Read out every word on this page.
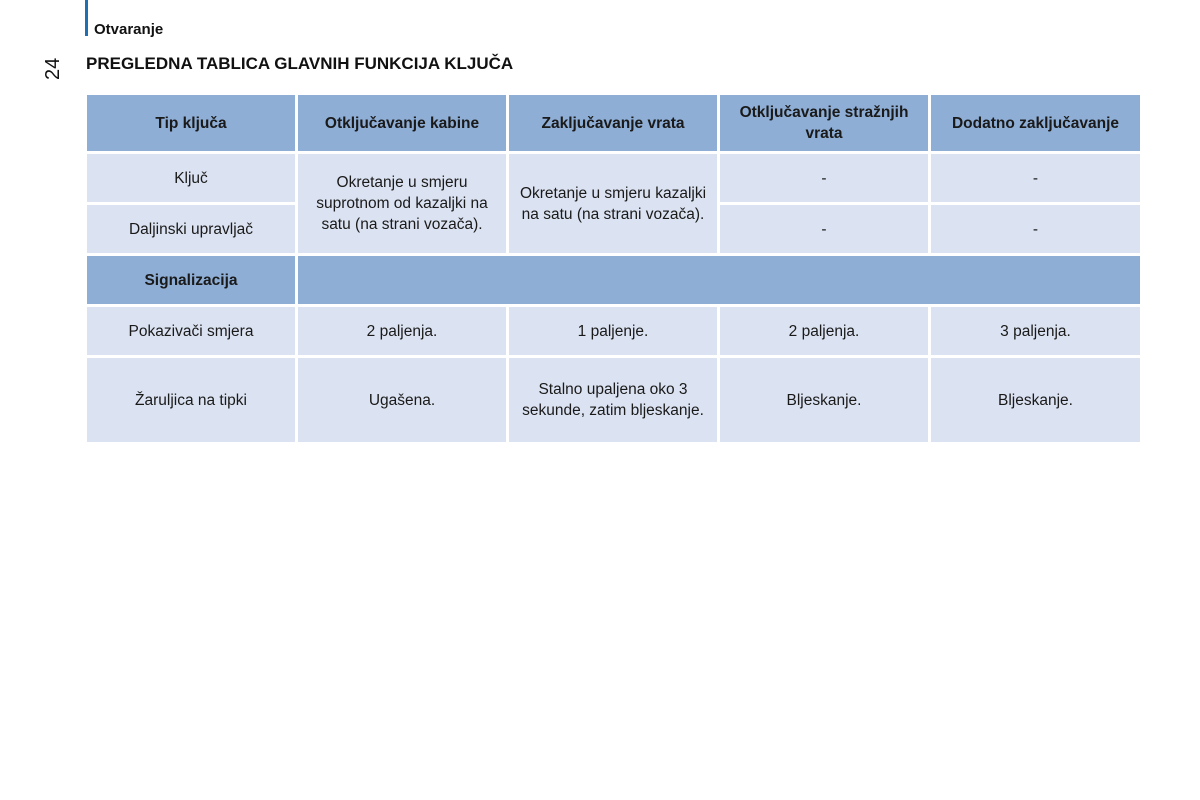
Otvaranje
24 PREGLEDNA TABLICA GLAVNIH FUNKCIJA KLJUČA
Tip ključa	Otključavanje kabine	Zaključavanje vrata	Otključavanje stražnjih vrata	Dodatno zaključavanje
Ključ	Okretanje u smjeru suprotnom od kazaljki na satu (na strani vozača).	Okretanje u smjeru kazaljki na satu (na strani vozača).	-	-
Daljinski upravljač			-	-
Signalizacija				
Pokazivači smjera	2 paljenja.	1 paljenje.	2 paljenja.	3 paljenja.
Žaruljica na tipki	Ugašena.	Stalno upaljena oko 3 sekunde, zatim bljeskanje.	Bljeskanje.	Bljeskanje.
